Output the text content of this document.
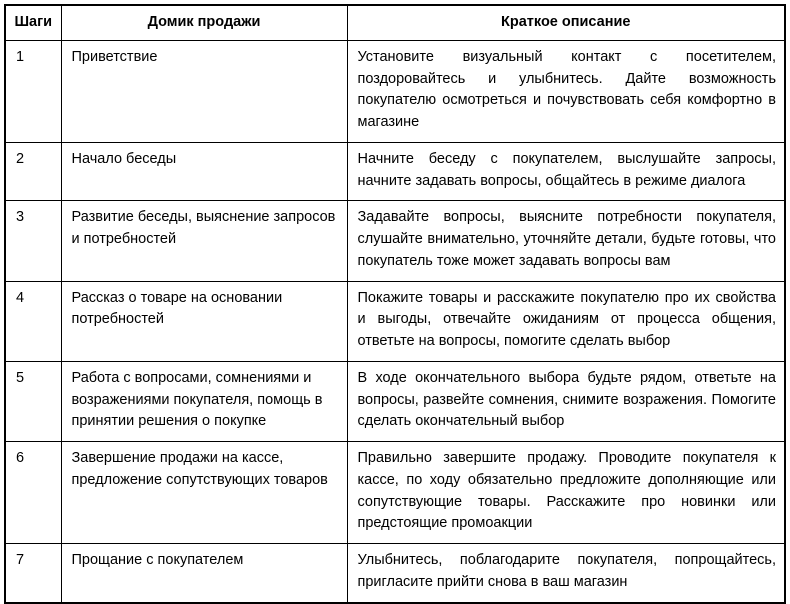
Шаги	Домик продажи	Краткое описание
1	Приветствие	Установите визуальный контакт с посетителем, поздоровайтесь и улыбнитесь. Дайте возможность покупателю осмотреться и почувствовать себя комфортно в магазине
2	Начало беседы	Начните беседу с покупателем, выслушайте запросы, начните задавать вопросы, общайтесь в режиме диалога
3	Развитие беседы, выяснение запросов и потребностей	Задавайте вопросы, выясните потребности покупателя, слушайте внимательно, уточняйте детали, будьте готовы, что покупатель тоже может задавать вопросы вам
4	Рассказ о товаре на основании потребностей	Покажите товары и расскажите покупателю про их свойства и выгоды, отвечайте ожиданиям от процесса общения, ответьте на вопросы, помогите сделать выбор
5	Работа с вопросами, сомнениями и возражениями покупателя, помощь в принятии решения о покупке	В ходе окончательного выбора будьте рядом, ответьте на вопросы, развейте сомнения, снимите возражения. Помогите сделать окончательный выбор
6	Завершение продажи на кассе, предложение сопутствующих товаров	Правильно завершите продажу. Проводите покупателя к кассе, по ходу обязательно предложите дополняющие или сопутствующие товары. Расскажите про новинки или предстоящие промоакции
7	Прощание с покупателем	Улыбнитесь, поблагодарите покупателя, попрощайтесь, пригласите прийти снова в ваш магазин
